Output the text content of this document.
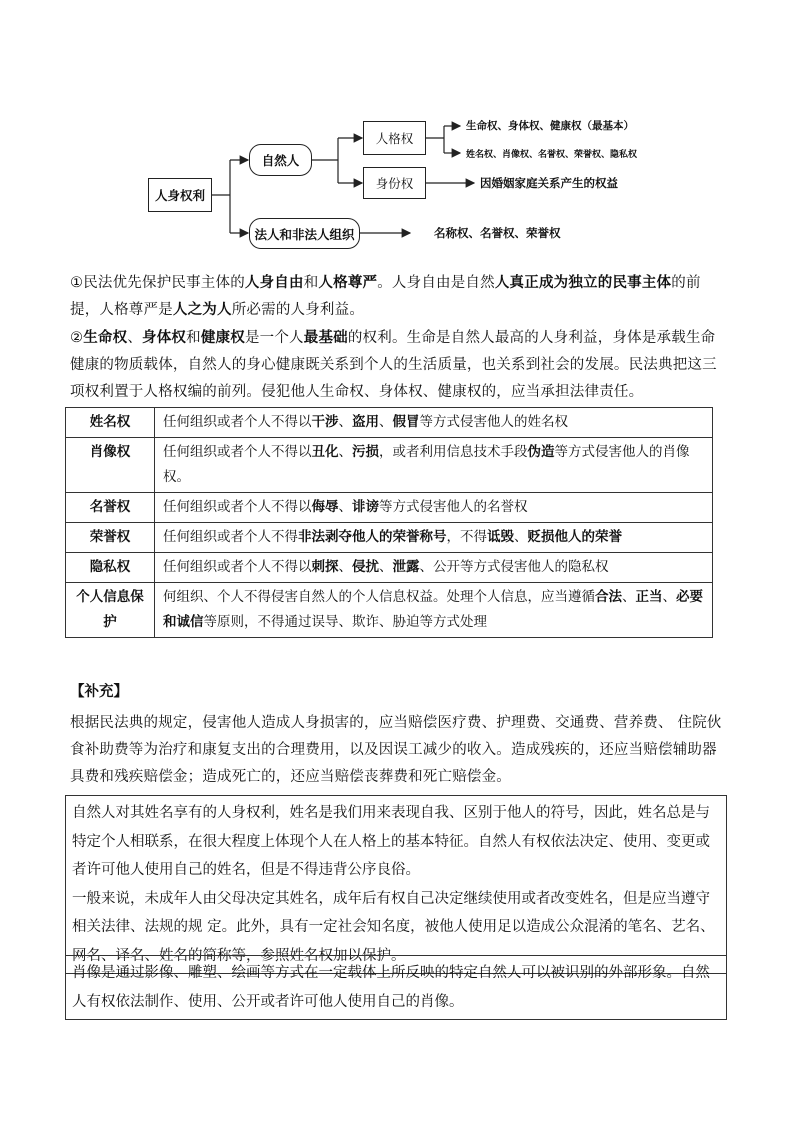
人身权利
自然人
法人和非法人组织
人格权
身份权
生命权、身体权、健康权（最基本）
姓名权、肖像权、名誉权、荣誉权、隐私权
因婚姻家庭关系产生的权益
名称权、名誉权、荣誉权
①民法优先保护民事主体的人身自由和人格尊严。人身自由是自然人真正成为独立的民事主体的前提，人格尊严是人之为人所必需的人身利益。
②生命权、身体权和健康权是一个人最基础的权利。生命是自然人最高的人身利益，身体是承载生命健康的物质载体，自然人的身心健康既关系到个人的生活质量，也关系到社会的发展。民法典把这三项权利置于人格权编的前列。侵犯他人生命权、身体权、健康权的，应当承担法律责任。
姓名权	任何组织或者个人不得以干涉、盗用、假冒等方式侵害他人的姓名权
肖像权	任何组织或者个人不得以丑化、污损，或者利用信息技术手段伪造等方式侵害他人的肖像权。
名誉权	任何组织或者个人不得以侮辱、诽谤等方式侵害他人的名誉权
荣誉权	任何组织或者个人不得非法剥夺他人的荣誉称号，不得诋毁、贬损他人的荣誉
隐私权	任何组织或者个人不得以刺探、侵扰、泄露、公开等方式侵害他人的隐私权
个人信息保护	何组织、个人不得侵害自然人的个人信息权益。处理个人信息，应当遵循合法、正当、必要和诚信等原则，不得通过误导、欺诈、胁迫等方式处理
【补充】
根据民法典的规定，侵害他人造成人身损害的，应当赔偿医疗费、护理费、交通费、营养费、 住院伙食补助费等为治疗和康复支出的合理费用，以及因误工减少的收入。造成残疾的，还应当赔偿辅助器具费和残疾赔偿金；造成死亡的，还应当赔偿丧葬费和死亡赔偿金。
自然人对其姓名享有的人身权利，姓名是我们用来表现自我、区别于他人的符号，因此，姓名总是与特定个人相联系，在很大程度上体现个人在人格上的基本特征。自然人有权依法决定、使用、变更或者许可他人使用自己的姓名，但是不得违背公序良俗。
一般来说，未成年人由父母决定其姓名，成年后有权自己决定继续使用或者改变姓名，但是应当遵守相关法律、法规的规 定。此外，具有一定社会知名度，被他人使用足以造成公众混淆的笔名、艺名、网名、译名、姓名的简称等，参照姓名权加以保护。
肖像是通过影像、雕塑、绘画等方式在一定载体上所反映的特定自然人可以被识别的外部形象。自然人有权依法制作、使用、公开或者许可他人使用自己的肖像。
